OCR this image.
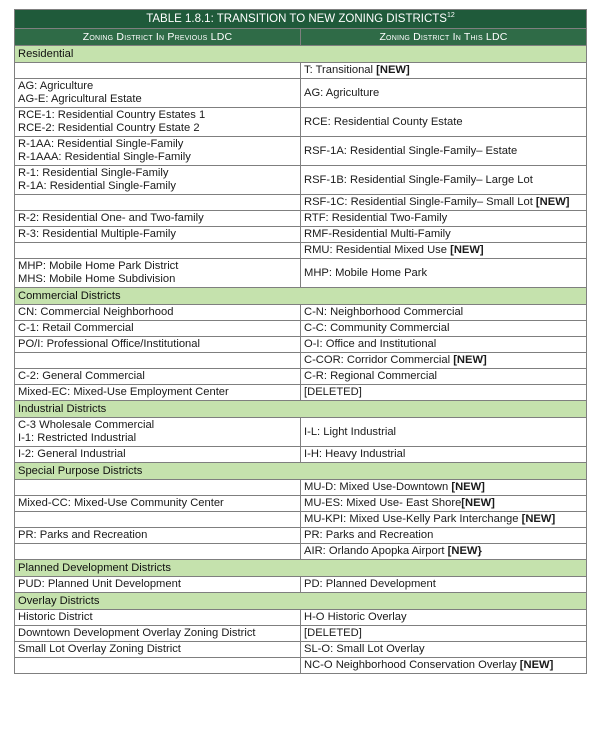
TABLE 1.8.1: TRANSITION TO NEW ZONING DISTRICTS$^{12}$
Zoning District In Previous LDC	Zoning District In This LDC
Residential	
	T: Transitional [NEW]

AG: Agriculture
AG-E: Agricultural Estate	AG: Agriculture

RCE-1: Residential Country Estates 1
RCE-2: Residential Country Estate 2	RCE: Residential County Estate

R-1AA: Residential Single-Family
R-1AAA: Residential Single-Family	RSF-1A: Residential Single-Family– Estate

R-1: Residential Single-Family
R-1A: Residential Single-Family	RSF-1B: Residential Single-Family– Large Lot
	RSF-1C: Residential Single-Family– Small Lot [NEW]
R-2: Residential One- and Two-family	RTF: Residential Two-Family
R-3: Residential Multiple-Family	RMF-Residential Multi-Family
	RMU: Residential Mixed Use [NEW]

MHP: Mobile Home Park District
MHS: Mobile Home Subdivision	MHP: Mobile Home Park
Commercial Districts	
CN: Commercial Neighborhood	C-N: Neighborhood Commercial
C-1: Retail Commercial	C-C: Community Commercial
PO/I: Professional Office/Institutional	O-I: Office and Institutional
	C-COR: Corridor Commercial [NEW]
C-2: General Commercial	C-R: Regional Commercial
Mixed-EC: Mixed-Use Employment Center	[DELETED]
Industrial Districts	

C-3 Wholesale Commercial
I-1: Restricted Industrial	I-L: Light Industrial
I-2: General Industrial	I-H: Heavy Industrial
Special Purpose Districts	
	MU-D: Mixed Use-Downtown [NEW]
Mixed-CC: Mixed-Use Community Center	MU-ES: Mixed Use- East Shore[NEW]
	MU-KPI: Mixed Use-Kelly Park Interchange [NEW]
PR: Parks and Recreation	PR: Parks and Recreation
	AIR: Orlando Apopka Airport [NEW}
Planned Development Districts	
PUD: Planned Unit Development	PD: Planned Development
Overlay Districts	
Historic District	H-O Historic Overlay
Downtown Development Overlay Zoning District	[DELETED]
Small Lot Overlay Zoning District	SL-O: Small Lot Overlay
	NC-O Neighborhood Conservation Overlay [NEW]
